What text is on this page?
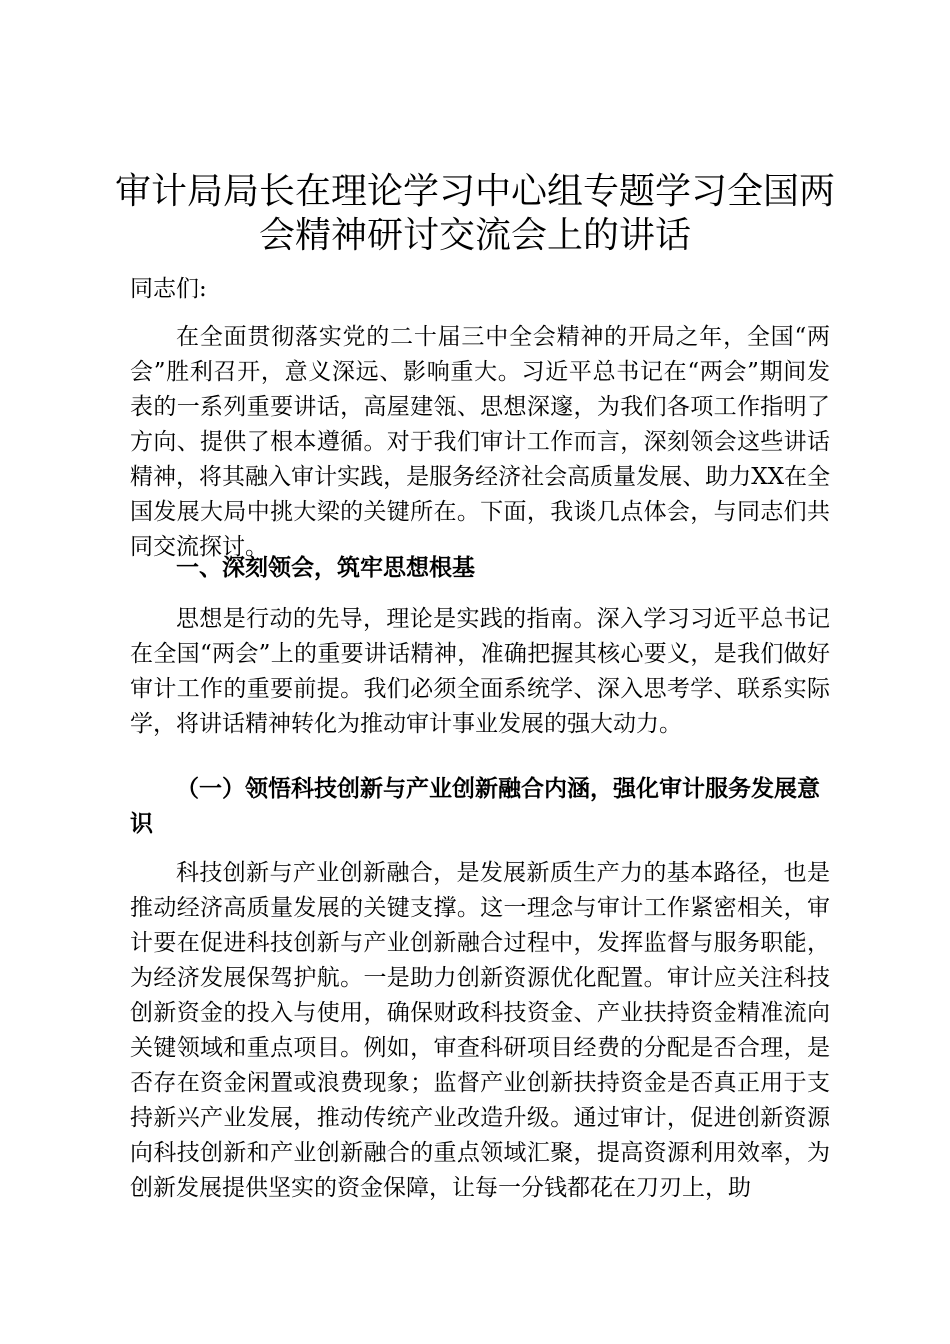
审计局局长在理论学习中心组专题学习全国两会精神研讨交流会上的讲话

同志们:

在全面贯彻落实党的二十届三中全会精神的开局之年，全国“两会”胜利召开，意义深远、影响重大。习近平总书记在“两会”期间发表的一系列重要讲话，高屋建瓴、思想深邃，为我们各项工作指明了方向、提供了根本遵循。对于我们审计工作而言，深刻领会这些讲话精神，将其融入审计实践，是服务经济社会高质量发展、助力XX在全国发展大局中挑大梁的关键所在。下面，我谈几点体会，与同志们共同交流探讨。

一、深刻领会，筑牢思想根基

思想是行动的先导，理论是实践的指南。深入学习习近平总书记在全国“两会”上的重要讲话精神，准确把握其核心要义，是我们做好审计工作的重要前提。我们必须全面系统学、深入思考学、联系实际学，将讲话精神转化为推动审计事业发展的强大动力。

（一）领悟科技创新与产业创新融合内涵，强化审计服务发展意识

科技创新与产业创新融合，是发展新质生产力的基本路径，也是推动经济高质量发展的关键支撑。这一理念与审计工作紧密相关，审计要在促进科技创新与产业创新融合过程中，发挥监督与服务职能，为经济发展保驾护航。一是助力创新资源优化配置。审计应关注科技创新资金的投入与使用，确保财政科技资金、产业扶持资金精准流向关键领域和重点项目。例如，审查科研项目经费的分配是否合理，是否存在资金闲置或浪费现象；监督产业创新扶持资金是否真正用于支持新兴产业发展，推动传统产业改造升级。通过审计，促进创新资源向科技创新和产业创新融合的重点领域汇聚，提高资源利用效率，为创新发展提供坚实的资金保障，让每一分钱都花在刀刃上，助
